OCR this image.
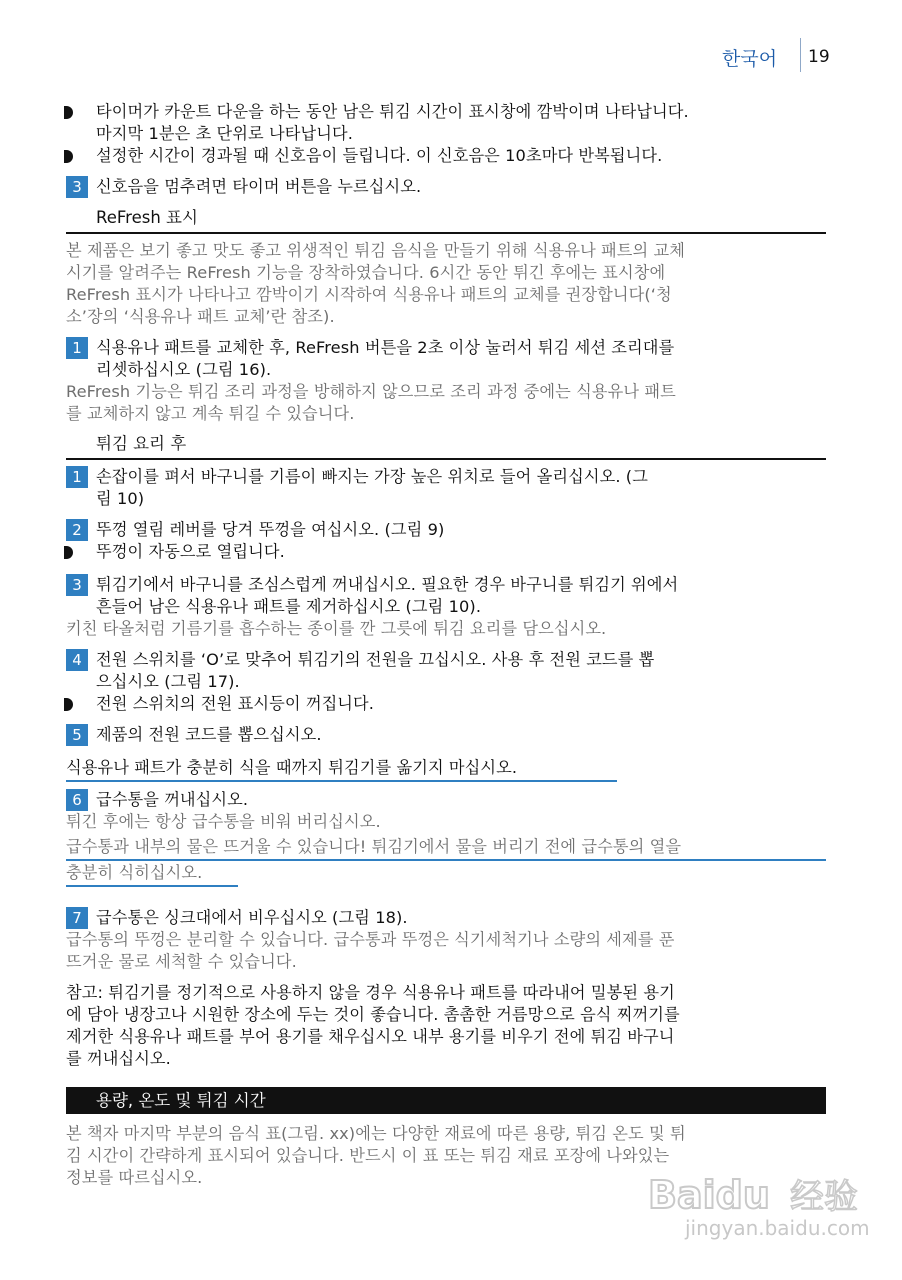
한국어 19
타이머가 카운트 다운을 하는 동안 남은 튀김 시간이 표시창에 깜박이며 나타납니다.
마지막 1분은 초 단위로 나타납니다.
설정한 시간이 경과될 때 신호음이 들립니다. 이 신호음은 10초마다 반복됩니다.
3 신호음을 멈추려면 타이머 버튼을 누르십시오.
ReFresh 표시
본 제품은 보기 좋고 맛도 좋고 위생적인 튀김 음식을 만들기 위해 식용유나 패트의 교체
시기를 알려주는 ReFresh 기능을 장착하였습니다. 6시간 동안 튀긴 후에는 표시창에
ReFresh 표시가 나타나고 깜박이기 시작하여 식용유나 패트의 교체를 권장합니다(‘청
소’장의 ‘식용유나 패트 교체’란 참조).
1 식용유나 패트를 교체한 후, ReFresh 버튼을 2초 이상 눌러서 튀김 세션 조리대를
리셋하십시오 (그림 16).
ReFresh 기능은 튀김 조리 과정을 방해하지 않으므로 조리 과정 중에는 식용유나 패트
를 교체하지 않고 계속 튀길 수 있습니다.
튀김 요리 후
1 손잡이를 펴서 바구니를 기름이 빠지는 가장 높은 위치로 들어 올리십시오. (그
림 10)
2 뚜껑 열림 레버를 당겨 뚜껑을 여십시오. (그림 9)
뚜껑이 자동으로 열립니다.
3 튀김기에서 바구니를 조심스럽게 꺼내십시오. 필요한 경우 바구니를 튀김기 위에서
흔들어 남은 식용유나 패트를 제거하십시오 (그림 10).
키친 타올처럼 기름기를 흡수하는 종이를 깐 그릇에 튀김 요리를 담으십시오.
4 전원 스위치를 ‘O’로 맞추어 튀김기의 전원을 끄십시오. 사용 후 전원 코드를 뽑
으십시오 (그림 17).
전원 스위치의 전원 표시등이 꺼집니다.
5 제품의 전원 코드를 뽑으십시오.
식용유나 패트가 충분히 식을 때까지 튀김기를 옮기지 마십시오.
6 급수통을 꺼내십시오.
튀긴 후에는 항상 급수통을 비워 버리십시오.
급수통과 내부의 물은 뜨거울 수 있습니다! 튀김기에서 물을 버리기 전에 급수통의 열을
충분히 식히십시오.
7 급수통은 싱크대에서 비우십시오 (그림 18).
급수통의 뚜껑은 분리할 수 있습니다. 급수통과 뚜껑은 식기세척기나 소량의 세제를 푼
뜨거운 물로 세척할 수 있습니다.
참고: 튀김기를 정기적으로 사용하지 않을 경우 식용유나 패트를 따라내어 밀봉된 용기
에 담아 냉장고나 시원한 장소에 두는 것이 좋습니다. 촘촘한 거름망으로 음식 찌꺼기를
제거한 식용유나 패트를 부어 용기를 채우십시오 내부 용기를 비우기 전에 튀김 바구니
를 꺼내십시오.
용량, 온도 및 튀김 시간
본 책자 마지막 부분의 음식 표(그림. xx)에는 다양한 재료에 따른 용량, 튀김 온도 및 튀
김 시간이 간략하게 표시되어 있습니다. 반드시 이 표 또는 튀김 재료 포장에 나와있는
정보를 따르십시오.	Baidu 经验
jingyan.baidu.com
